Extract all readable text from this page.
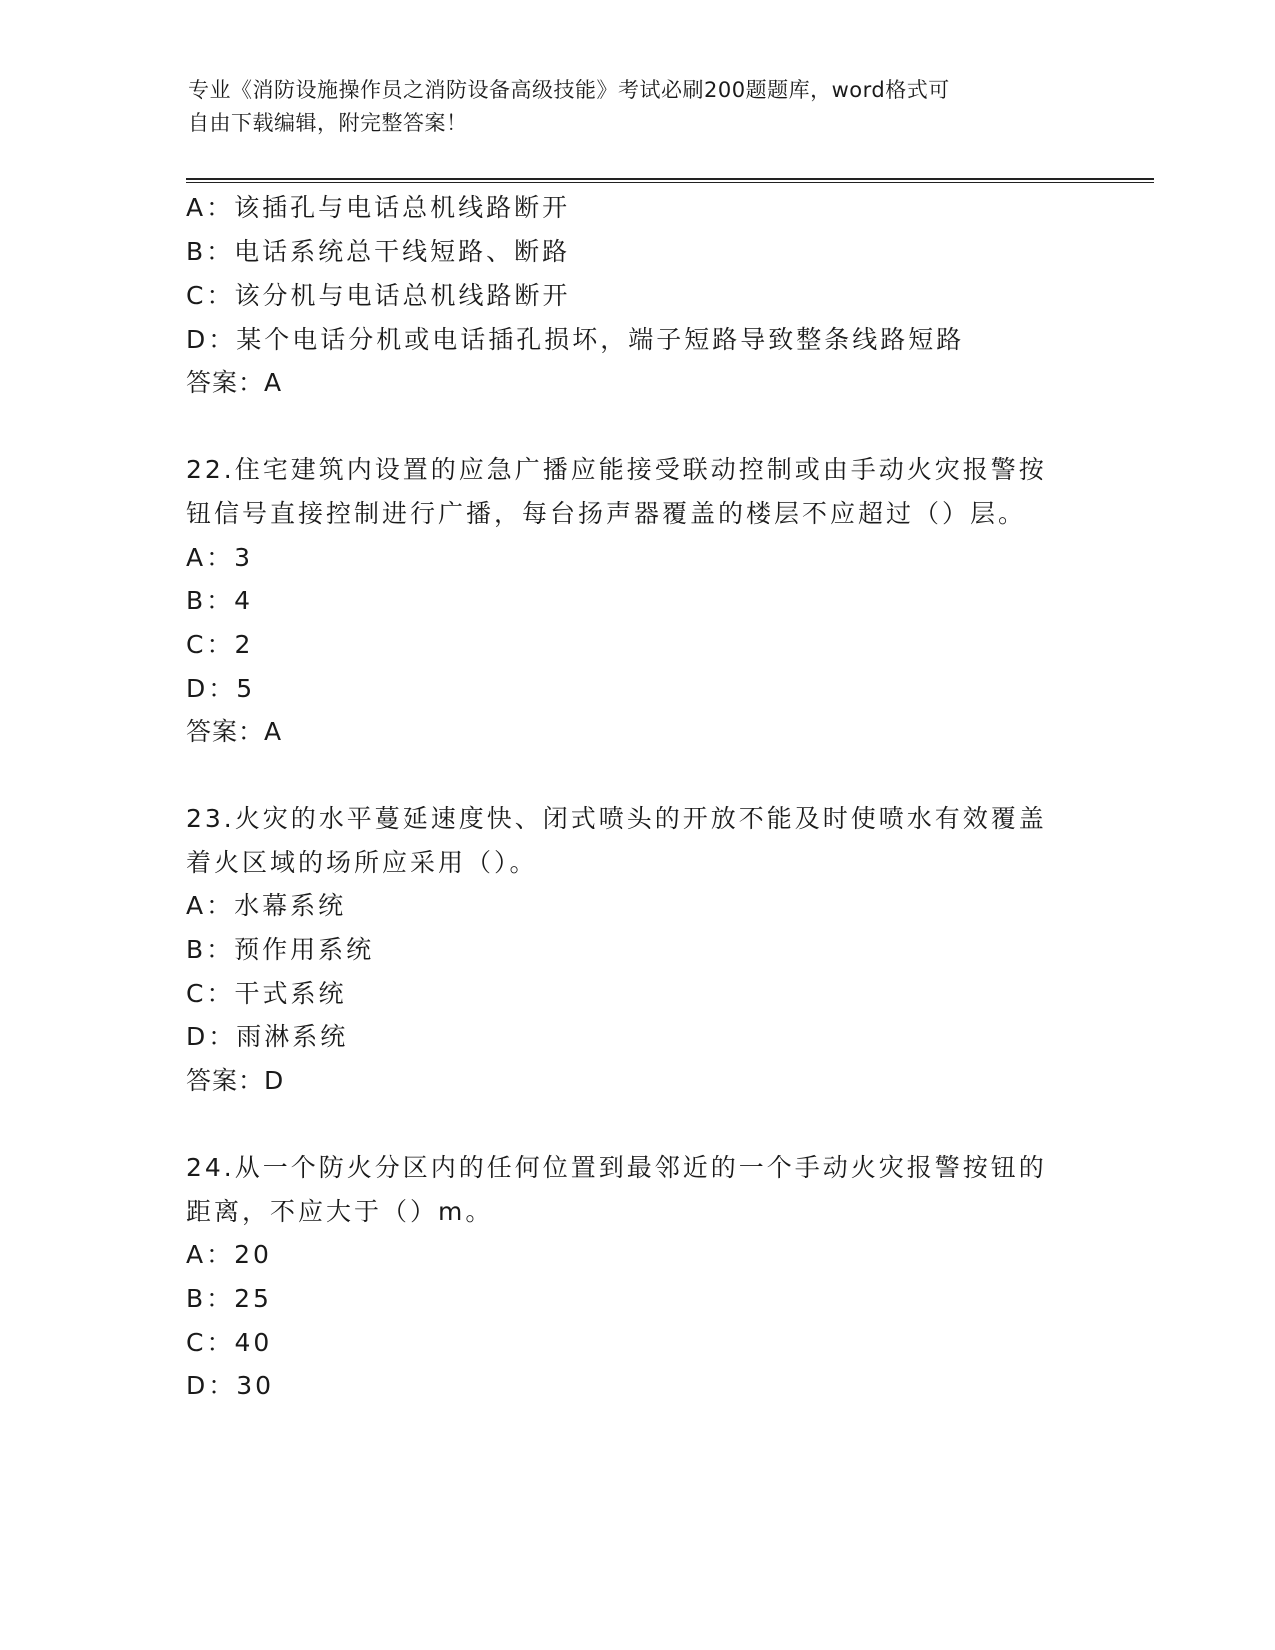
专业《消防设施操作员之消防设备高级技能》考试必刷200题题库，word格式可
自由下载编辑，附完整答案！
A：该插孔与电话总机线路断开
B：电话系统总干线短路、断路
C：该分机与电话总机线路断开
D：某个电话分机或电话插孔损坏，端子短路导致整条线路短路
答案：A
22.住宅建筑内设置的应急广播应能接受联动控制或由手动火灾报警按
钮信号直接控制进行广播，每台扬声器覆盖的楼层不应超过（）层。
A：3
B：4
C：2
D：5
答案：A
23.火灾的水平蔓延速度快、闭式喷头的开放不能及时使喷水有效覆盖
着火区域的场所应采用（）。
A：水幕系统
B：预作用系统
C：干式系统
D：雨淋系统
答案：D
24.从一个防火分区内的任何位置到最邻近的一个手动火灾报警按钮的
距离，不应大于（）m。
A：20
B：25
C：40
D：30
